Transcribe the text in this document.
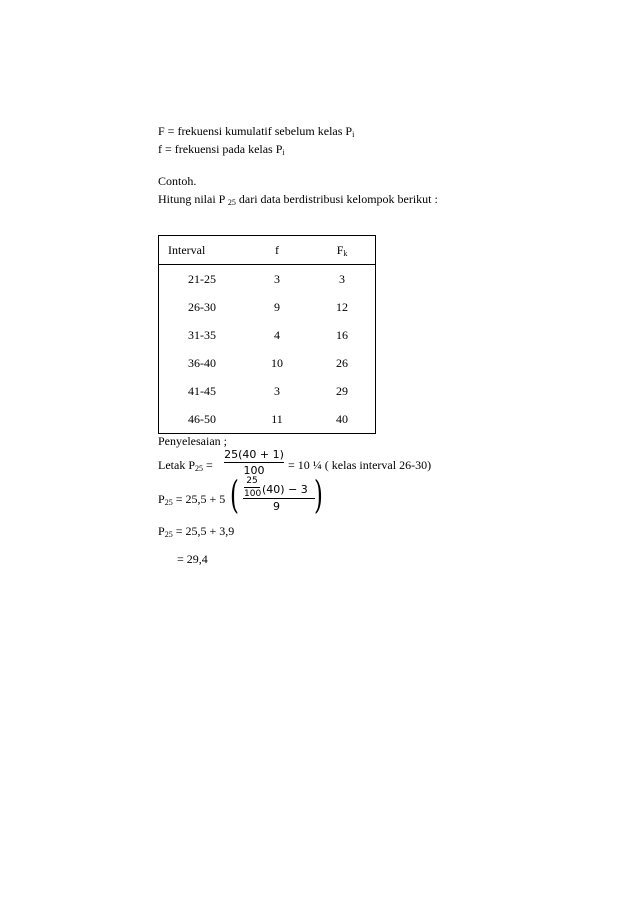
F = frekuensi kumulatif sebelum kelas $P_i$
f = frekuensi pada kelas $P_i$
Contoh.
Hitung nilai P $_{25}$ dari data berdistribusi kelompok berikut :
Interval	f	$F_k$
21-25	3	3
26-30	9	12
31-35	4	16
36-40	10	26
41-45	3	29
46-50	11	40
Penyelesaian ;
Letak $P_{25}$ =
25(40 + 1)
100	= 10 ¼ ( kelas interval 26-30)
$P_{25} = 25,5 + 5$ ( 25
100 (40) − 3
9 )
$P_{25} = 25,5 + 3,9$
= 29,4
